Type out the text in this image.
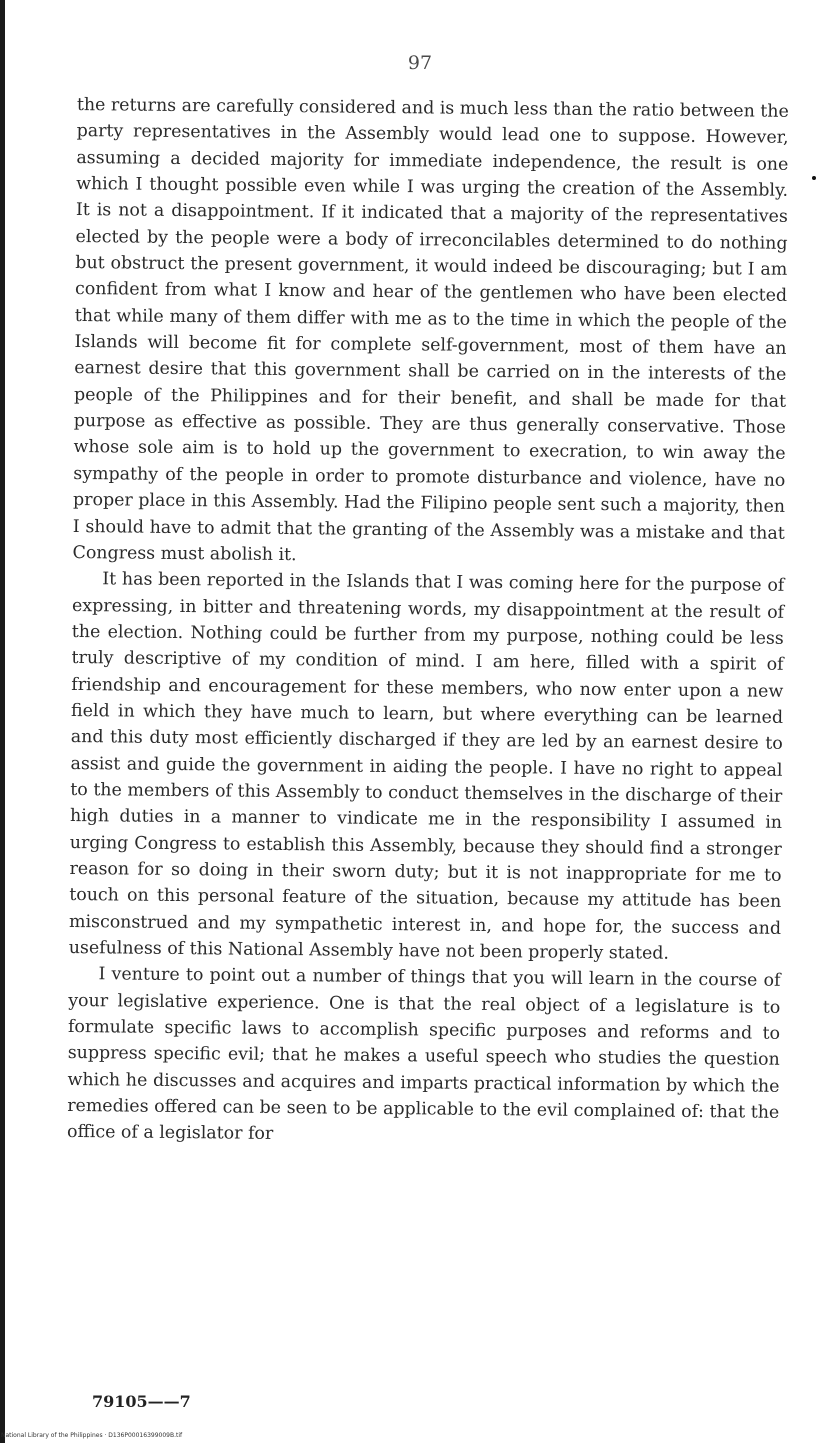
97

the returns are carefully considered and is much less than the ratio between the party representatives in the Assembly would lead one to suppose. However, assuming a decided majority for immediate independence, the result is one which I thought possible even while I was urging the creation of the Assembly. It is not a disappointment. If it indicated that a majority of the representatives elected by the people were a body of irreconcilables determined to do nothing but obstruct the present government, it would indeed be discouraging; but I am confident from what I know and hear of the gentlemen who have been elected that while many of them differ with me as to the time in which the people of the Islands will become fit for complete self-government, most of them have an earnest desire that this government shall be carried on in the interests of the people of the Philippines and for their benefit, and shall be made for that purpose as effective as possible. They are thus generally conservative. Those whose sole aim is to hold up the government to execration, to win away the sympathy of the people in order to promote disturbance and violence, have no proper place in this Assembly. Had the Filipino people sent such a majority, then I should have to admit that the granting of the Assembly was a mistake and that Congress must abolish it.

It has been reported in the Islands that I was coming here for the purpose of expressing, in bitter and threatening words, my disappointment at the result of the election. Nothing could be further from my purpose, nothing could be less truly descriptive of my condition of mind. I am here, filled with a spirit of friendship and encouragement for these members, who now enter upon a new field in which they have much to learn, but where everything can be learned and this duty most efficiently discharged if they are led by an earnest desire to assist and guide the government in aiding the people. I have no right to appeal to the members of this Assembly to conduct themselves in the discharge of their high duties in a manner to vindicate me in the responsibility I assumed in urging Congress to establish this Assembly, because they should find a stronger reason for so doing in their sworn duty; but it is not inappropriate for me to touch on this personal feature of the situation, because my attitude has been misconstrued and my sympathetic interest in, and hope for, the success and usefulness of this National Assembly have not been properly stated.

I venture to point out a number of things that you will learn in the course of your legislative experience. One is that the real object of a legislature is to formulate specific laws to accomplish specific purposes and reforms and to suppress specific evil; that he makes a useful speech who studies the question which he discusses and acquires and imparts practical information by which the remedies offered can be seen to be applicable to the evil complained of: that the office of a legislator for

79105——7
National Library of the Philippines · D136P00016399009B.tif
